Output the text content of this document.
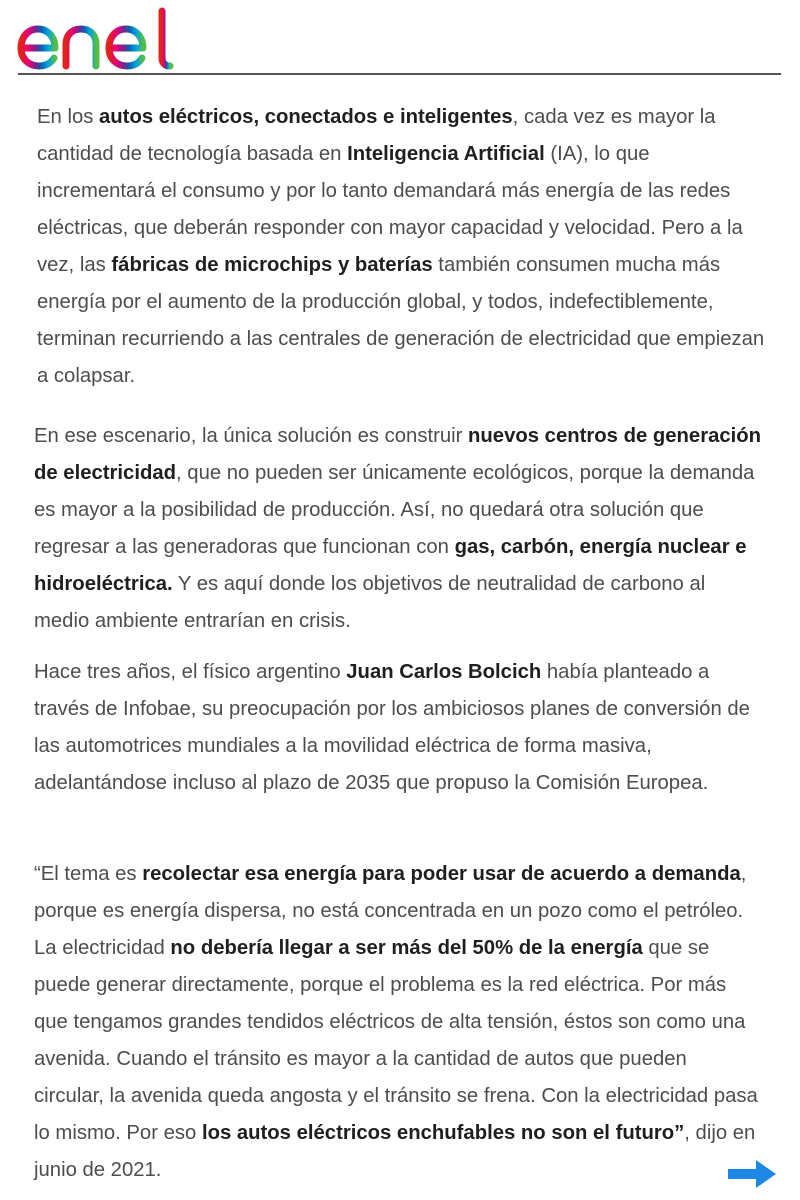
En los autos eléctricos, conectados e inteligentes, cada vez es mayor la cantidad de tecnología basada en Inteligencia Artificial (IA), lo que incrementará el consumo y por lo tanto demandará más energía de las redes eléctricas, que deberán responder con mayor capacidad y velocidad. Pero a la vez, las fábricas de microchips y baterías también consumen mucha más energía por el aumento de la producción global, y todos, indefectiblemente, terminan recurriendo a las centrales de generación de electricidad que empiezan a colapsar.

En ese escenario, la única solución es construir nuevos centros de generación de electricidad, que no pueden ser únicamente ecológicos, porque la demanda es mayor a la posibilidad de producción. Así, no quedará otra solución que regresar a las generadoras que funcionan con gas, carbón, energía nuclear e hidroeléctrica. Y es aquí donde los objetivos de neutralidad de carbono al medio ambiente entrarían en crisis.

Hace tres años, el físico argentino Juan Carlos Bolcich había planteado a través de Infobae, su preocupación por los ambiciosos planes de conversión de las automotrices mundiales a la movilidad eléctrica de forma masiva, adelantándose incluso al plazo de 2035 que propuso la Comisión Europea.

“El tema es recolectar esa energía para poder usar de acuerdo a demanda, porque es energía dispersa, no está concentrada en un pozo como el petróleo. La electricidad no debería llegar a ser más del 50% de la energía que se puede generar directamente, porque el problema es la red eléctrica. Por más que tengamos grandes tendidos eléctricos de alta tensión, éstos son como una avenida. Cuando el tránsito es mayor a la cantidad de autos que pueden circular, la avenida queda angosta y el tránsito se frena. Con la electricidad pasa lo mismo. Por eso los autos eléctricos enchufables no son el futuro”, dijo en junio de 2021.
